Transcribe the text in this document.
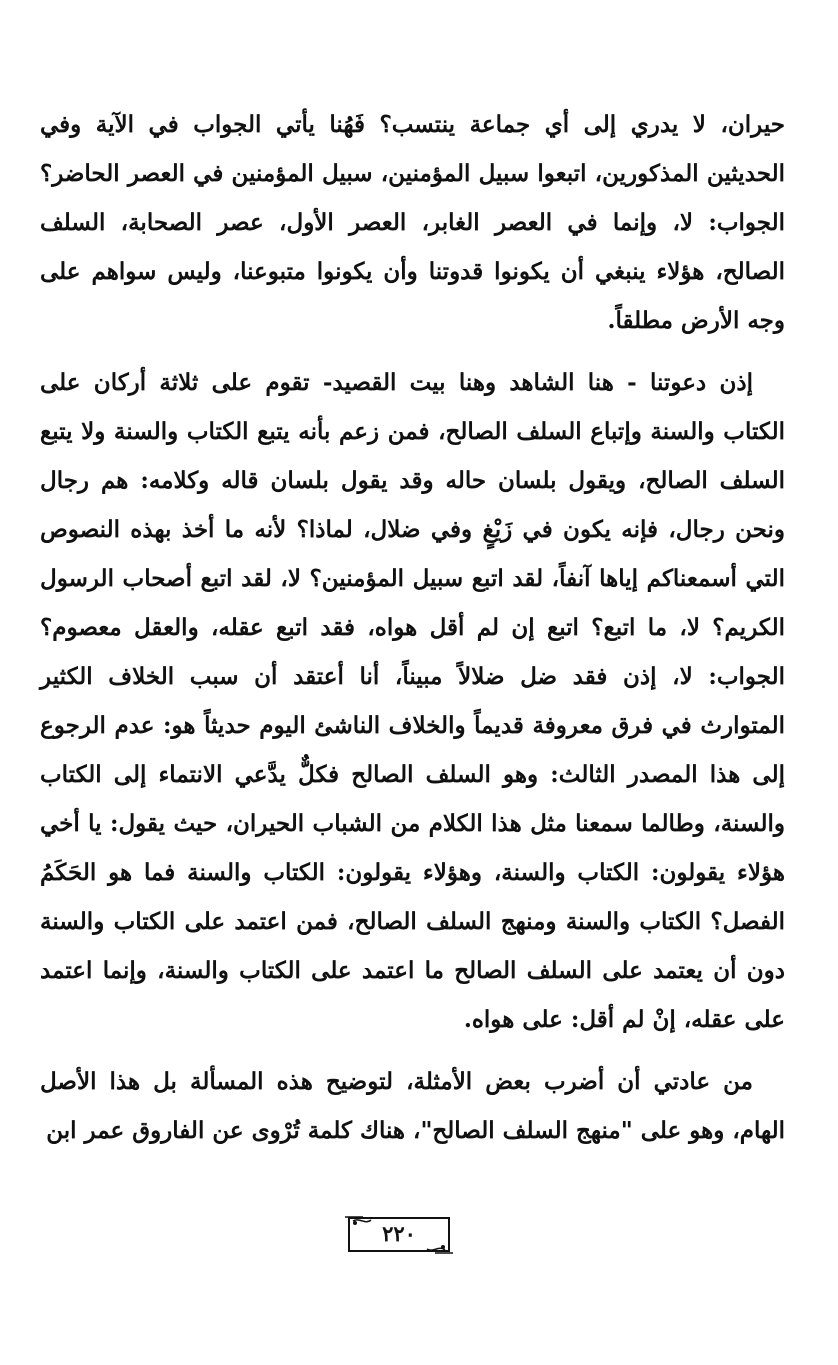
حيران، لا يدري إلى أي جماعة ينتسب؟ فَهُنا يأتي الجواب في الآية وفي الحديثين المذكورين، اتبعوا سبيل المؤمنين، سبيل المؤمنين في العصر الحاضر؟ الجواب: لا، وإنما في العصر الغابر، العصر الأول، عصر الصحابة، السلف الصالح، هؤلاء ينبغي أن يكونوا قدوتنا وأن يكونوا متبوعنا، وليس سواهم على وجه الأرض مطلقاً.

إذن دعوتنا - هنا الشاهد وهنا بيت القصيد- تقوم على ثلاثة أركان على الكتاب والسنة وإتباع السلف الصالح، فمن زعم بأنه يتبع الكتاب والسنة ولا يتبع السلف الصالح، ويقول بلسان حاله وقد يقول بلسان قاله وكلامه: هم رجال ونحن رجال، فإنه يكون في زَيْغٍ وفي ضلال، لماذا؟ لأنه ما أخذ بهذه النصوص التي أسمعناكم إياها آنفاً، لقد اتبع سبيل المؤمنين؟ لا، لقد اتبع أصحاب الرسول الكريم؟ لا، ما اتبع؟ اتبع إن لم أقل هواه، فقد اتبع عقله، والعقل معصوم؟ الجواب: لا، إذن فقد ضل ضلالاً مبيناً، أنا أعتقد أن سبب الخلاف الكثير المتوارث في فرق معروفة قديماً والخلاف الناشئ اليوم حديثاً هو: عدم الرجوع إلى هذا المصدر الثالث: وهو السلف الصالح فكلٌّ يدَّعي الانتماء إلى الكتاب والسنة، وطالما سمعنا مثل هذا الكلام من الشباب الحيران، حيث يقول: يا أخي هؤلاء يقولون: الكتاب والسنة، وهؤلاء يقولون: الكتاب والسنة فما هو الحَكَمُ الفصل؟ الكتاب والسنة ومنهج السلف الصالح، فمن اعتمد على الكتاب والسنة دون أن يعتمد على السلف الصالح ما اعتمد على الكتاب والسنة، وإنما اعتمد على عقله، إنْ لم أقل: على هواه.

من عادتي أن أضرب بعض الأمثلة، لتوضيح هذه المسألة بل هذا الأصل الهام، وهو على "منهج السلف الصالح"، هناك كلمة تُرْوى عن الفاروق عمر ابن

٢٢٠
